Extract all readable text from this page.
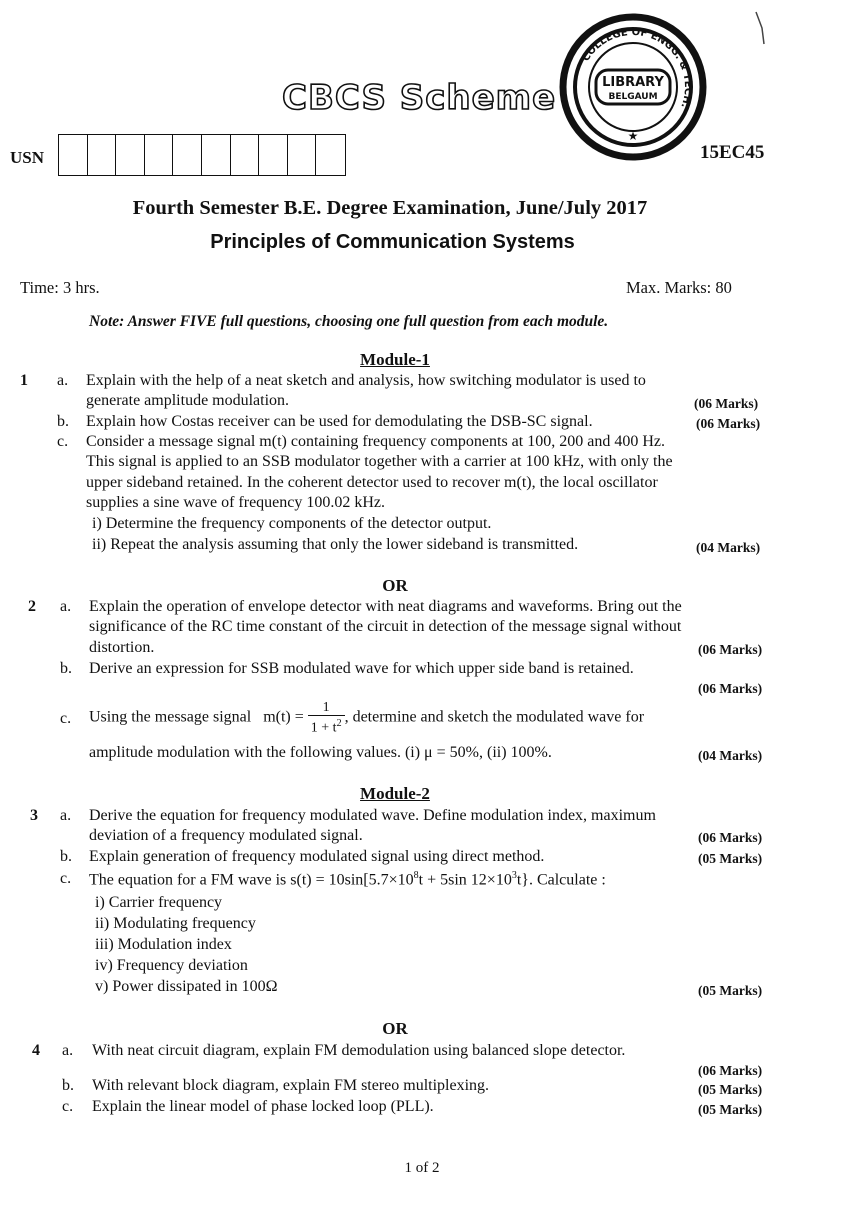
CBCS Scheme
COLLEGE OF ENGG. & TECH.
LIBRARY
BELGAUM
★
USN	15EC45
Fourth Semester B.E. Degree Examination, June/July 2017
Principles of Communication Systems
Time: 3 hrs.	Max. Marks: 80
Note: Answer FIVE full questions, choosing one full question from each module.
Module-1
1 a. Explain with the help of a neat sketch and analysis, how switching modulator is used to
generate amplitude modulation.	(06 Marks)
b. Explain how Costas receiver can be used for demodulating the DSB-SC signal.	(06 Marks)
c. Consider a message signal m(t) containing frequency components at 100, 200 and 400 Hz.
This signal is applied to an SSB modulator together with a carrier at 100 kHz, with only the
upper sideband retained. In the coherent detector used to recover m(t), the local oscillator
supplies a sine wave of frequency 100.02 kHz.
i) Determine the frequency components of the detector output.
ii) Repeat the analysis assuming that only the lower sideband is transmitted.	(04 Marks)
OR
2 a. Explain the operation of envelope detector with neat diagrams and waveforms. Bring out the
significance of the RC time constant of the circuit in detection of the message signal without
distortion.	(06 Marks)
b. Derive an expression for SSB modulated wave for which upper side band is retained.
(06 Marks)
c. Using the message signal $m(t) = \frac{1}{1 + t^2}$ , determine and sketch the modulated wave for
amplitude modulation with the following values. (i) μ = 50%, (ii) 100%.	(04 Marks)
Module-2
3 a. Derive the equation for frequency modulated wave. Define modulation index, maximum
deviation of a frequency modulated signal.	(06 Marks)
b. Explain generation of frequency modulated signal using direct method.	(05 Marks)
c. The equation for a FM wave is $s(t) = 10\sin[5.7\times 10^8t + 5\sin$ $12\times 10^3t$}. Calculate :
i) Carrier frequency
ii) Modulating frequency
iii) Modulation index
iv) Frequency deviation
v) Power dissipated in 100Ω	(05 Marks)
OR
4 a. With neat circuit diagram, explain FM demodulation using balanced slope detector.
(06 Marks)
b. With relevant block diagram, explain FM stereo multiplexing.	(05 Marks)
c. Explain the linear model of phase locked loop (PLL).	(05 Marks)
1 of 2
